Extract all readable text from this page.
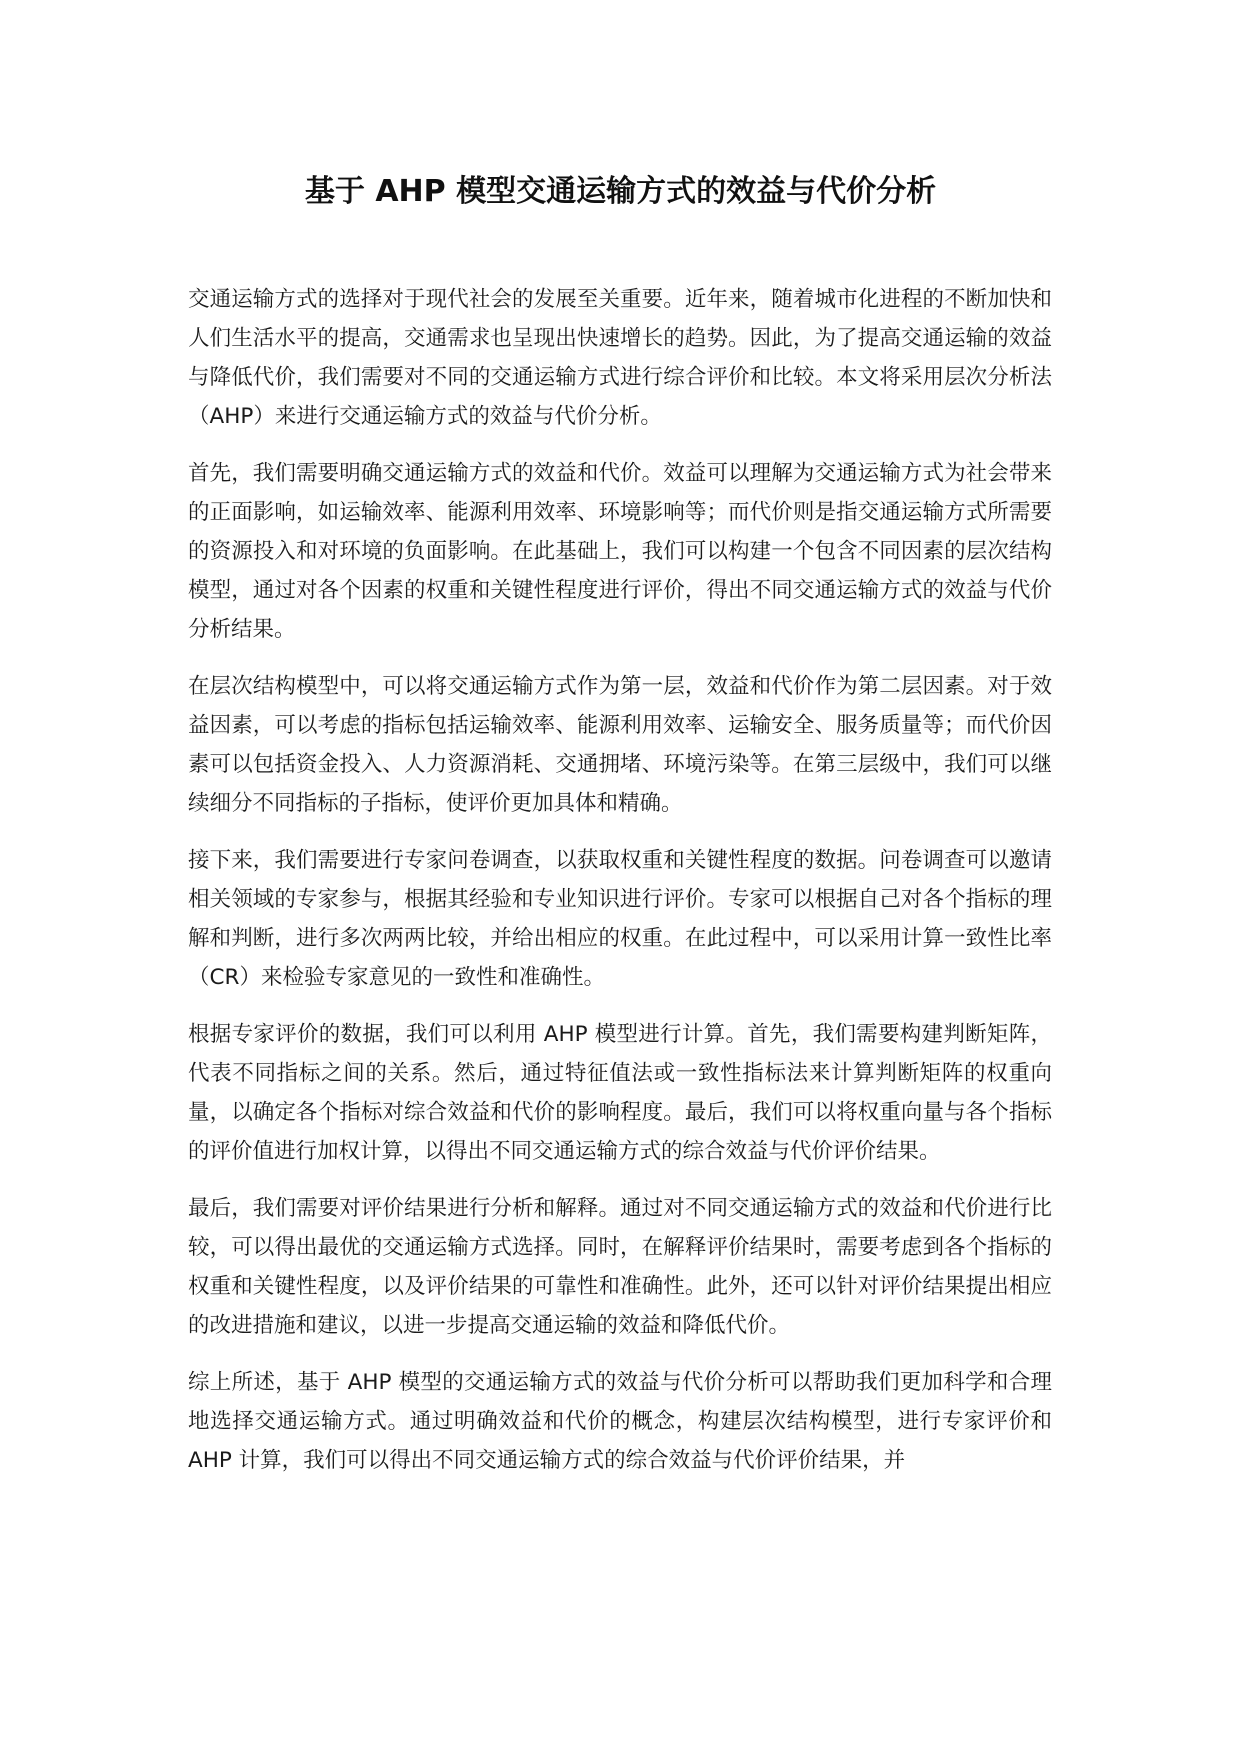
基于 AHP 模型交通运输方式的效益与代价分析

交通运输方式的选择对于现代社会的发展至关重要。近年来，随着城市化进程的不断加快和人们生活水平的提高，交通需求也呈现出快速增长的趋势。因此，为了提高交通运输的效益与降低代价，我们需要对不同的交通运输方式进行综合评价和比较。本文将采用层次分析法（AHP）来进行交通运输方式的效益与代价分析。

首先，我们需要明确交通运输方式的效益和代价。效益可以理解为交通运输方式为社会带来的正面影响，如运输效率、能源利用效率、环境影响等；而代价则是指交通运输方式所需要的资源投入和对环境的负面影响。在此基础上，我们可以构建一个包含不同因素的层次结构模型，通过对各个因素的权重和关键性程度进行评价，得出不同交通运输方式的效益与代价分析结果。

在层次结构模型中，可以将交通运输方式作为第一层，效益和代价作为第二层因素。对于效益因素，可以考虑的指标包括运输效率、能源利用效率、运输安全、服务质量等；而代价因素可以包括资金投入、人力资源消耗、交通拥堵、环境污染等。在第三层级中，我们可以继续细分不同指标的子指标，使评价更加具体和精确。

接下来，我们需要进行专家问卷调查，以获取权重和关键性程度的数据。问卷调查可以邀请相关领域的专家参与，根据其经验和专业知识进行评价。专家可以根据自己对各个指标的理解和判断，进行多次两两比较，并给出相应的权重。在此过程中，可以采用计算一致性比率（CR）来检验专家意见的一致性和准确性。

根据专家评价的数据，我们可以利用 AHP 模型进行计算。首先，我们需要构建判断矩阵，代表不同指标之间的关系。然后，通过特征值法或一致性指标法来计算判断矩阵的权重向量，以确定各个指标对综合效益和代价的影响程度。最后，我们可以将权重向量与各个指标的评价值进行加权计算，以得出不同交通运输方式的综合效益与代价评价结果。

最后，我们需要对评价结果进行分析和解释。通过对不同交通运输方式的效益和代价进行比较，可以得出最优的交通运输方式选择。同时，在解释评价结果时，需要考虑到各个指标的权重和关键性程度，以及评价结果的可靠性和准确性。此外，还可以针对评价结果提出相应的改进措施和建议，以进一步提高交通运输的效益和降低代价。

综上所述，基于 AHP 模型的交通运输方式的效益与代价分析可以帮助我们更加科学和合理地选择交通运输方式。通过明确效益和代价的概念，构建层次结构模型，进行专家评价和 AHP 计算，我们可以得出不同交通运输方式的综合效益与代价评价结果，并
